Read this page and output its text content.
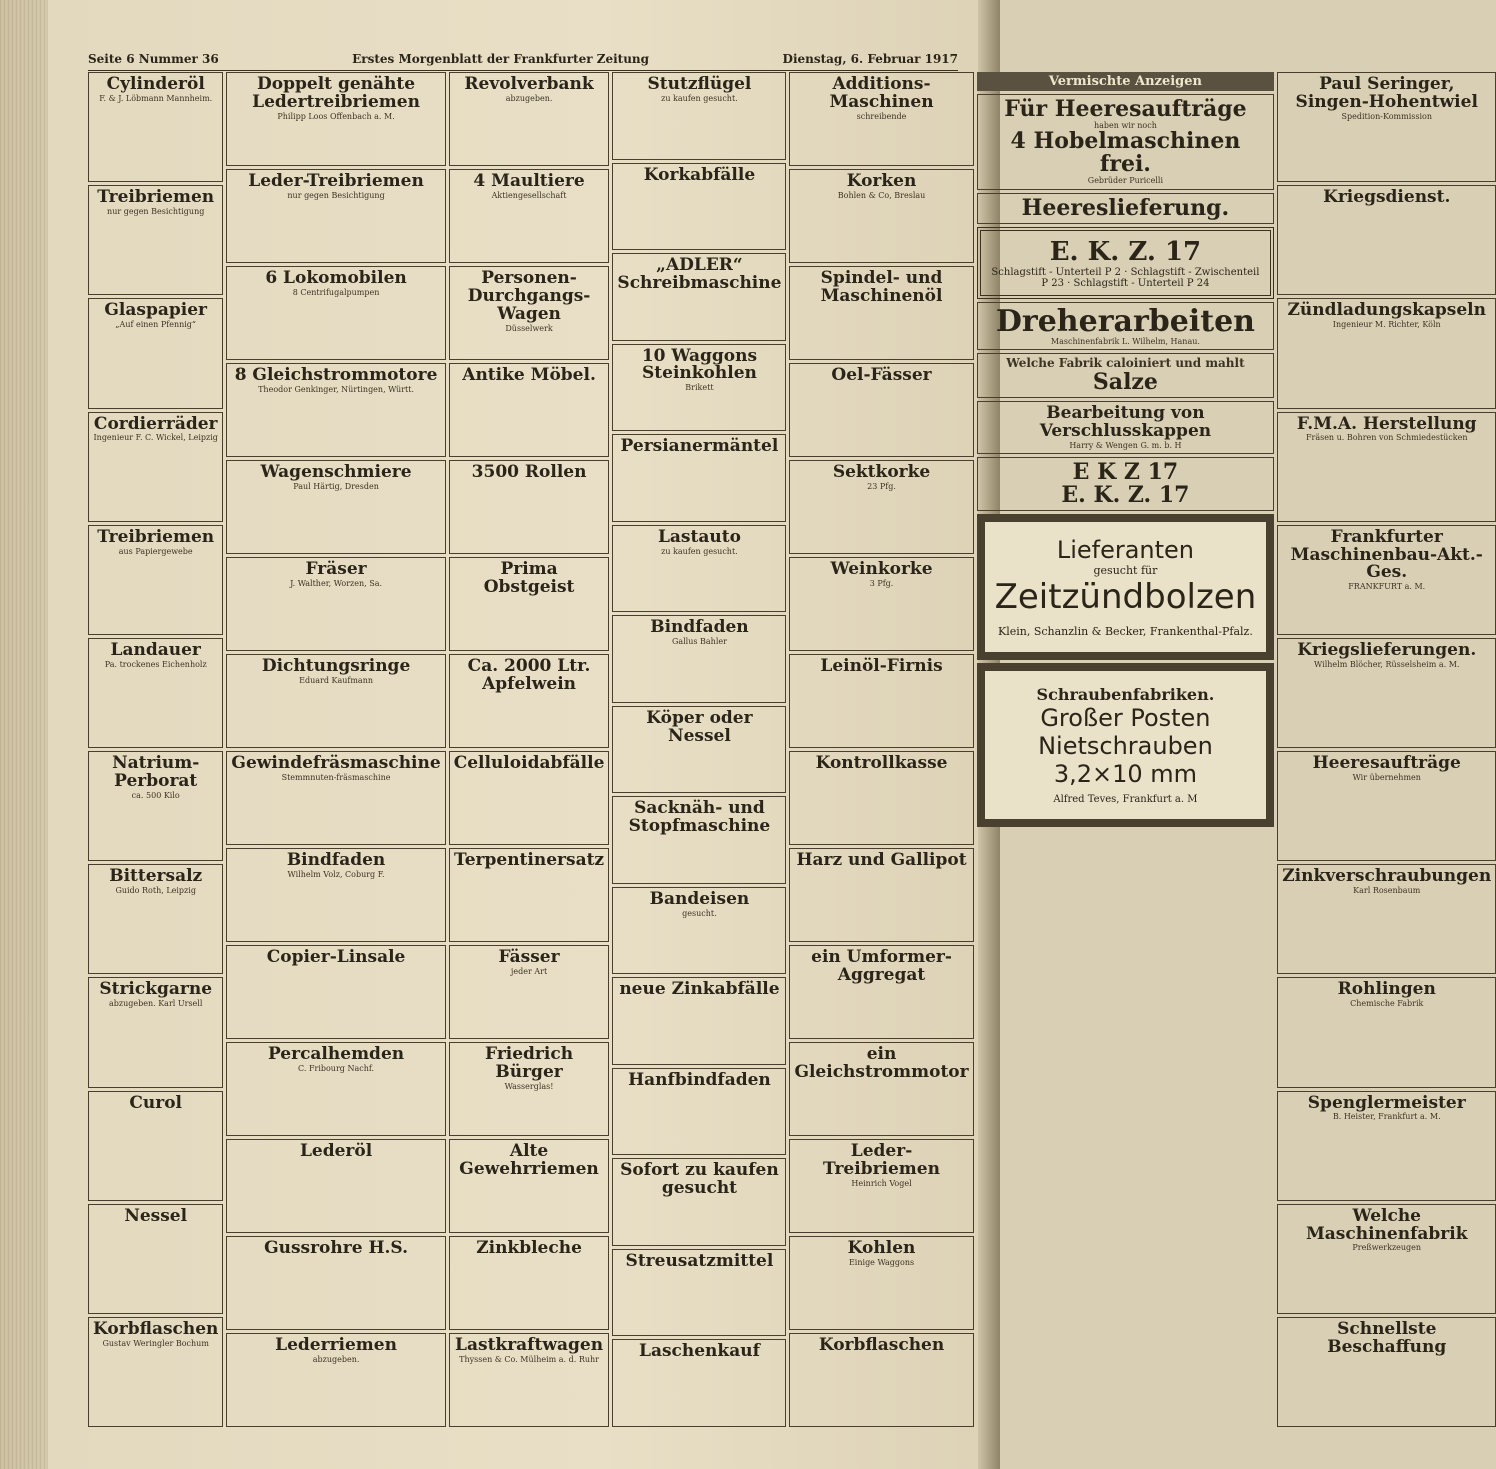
Seite 6 Nummer 36	Erstes Morgenblatt der Frankfurter Zeitung	Dienstag, 6. Februar 1917
Cylinderöl
F. & J. Löbmann Mannheim.
Treibriemen
nur gegen Besichtigung
Glaspapier
„Auf einen Pfennig“
Cordierräder
Ingenieur F. C. Wickel, Leipzig
Treibriemen
aus Papiergewebe
Landauer
Pa. trockenes Eichenholz
Natrium-Perborat
ca. 500 Kilo
Bittersalz
Guido Roth, Leipzig
Strickgarne
abzugeben. Karl Ursell
Curol
Nessel
Korbflaschen
Gustav Weringlеr Bochum
Doppelt genähte Ledertreibriemen
Philipp Loos Offenbach a. M.
Leder-Treibriemen
nur gegen Besichtigung
6 Lokomobilen
8 Centrifugalpumpen
8 Gleichstrommotore
Theodor Genkinger, Nürtingen, Württ.
Wagenschmiere
Paul Härtig, Dresden
Fräser
J. Walther, Worzen, Sa.
Dichtungsringe
Eduard Kaufmann
Gewindefräsmaschine
Stemmnuten-fräsmaschine
Bindfaden
Wilhelm Volz, Coburg F.
Copier-Linsale
Percalhemden
C. Fribourg Nachf.
Lederöl
Gussrohre H.S.
Lederriemen
abzugeben.
Revolverbank
abzugeben.
4 Maultiere
Aktiengesellschaft
Personen-Durchgangs-Wagen
Düsselwerk
Antike Möbel.
3500 Rollen
Prima Obstgeist
Ca. 2000 Ltr. Apfelwein
Celluloidabfälle
Terpentinersatz
Fässer
jeder Art
Friedrich Bürger
Wasserglas!
Alte Gewehrriemen
Zinkbleche
Lastkraftwagen
Thyssen & Co. Mülheim a. d. Ruhr
Stutzflügel
zu kaufen gesucht.
Korkabfälle
„ADLER“ Schreibmaschine
10 Waggons Steinkohlen
Brikett
Persianermäntel
Lastauto
zu kaufen gesucht.
Bindfaden
Gallus Bahler
Köper oder Nessel
Sacknäh- und Stopfmaschine
Bandeisen
gesucht.
neue Zinkabfälle
Hanfbindfaden
Sofort zu kaufen gesucht
Streusatzmittel
Laschenkauf
Additions-Maschinen
schreibende
Korken
Bohlen & Co, Breslau
Spindel- und Maschinenöl
Oel-Fässer
Sektkorke
23 Pfg.
Weinkorke
3 Pfg.
Leinöl-Firnis
Kontrollkasse
Harz und Gallipot
ein Umformer-Aggregat
ein Gleichstrommotor
Leder-Treibriemen
Heinrich Vogel
Kohlen
Einige Waggons
Korbflaschen
Vermischte Anzeigen
Für Heeresaufträge
haben wir noch
4 Hobelmaschinen frei.
Gebrüder Puricelli
Heereslieferung.
E. K. Z. 17
Schlagstift - Unterteil P 2 · Schlagstift - Zwischenteil P 23 · Schlagstift - Unterteil P 24
Dreherarbeiten
Maschinenfabrik L. Wilhelm, Hanau.
Welche Fabrik caloiniert und mahlt
Salze
Bearbeitung von Verschlusskappen
Harry & Wengen G. m. b. H
E K Z 17
E. K. Z. 17
Lieferanten
gesucht für
Zeitzündbolzen
Klein, Schanzlin & Becker, Frankenthal-Pfalz.
Schraubenfabriken.
Großer Posten
Nietschrauben 3,2×10 mm
Alfred Teves, Frankfurt a. M
Paul Seringer, Singen-Hohentwiel
Spedition-Kommission
Kriegsdienst.
Zündladungskapseln
Ingenieur M. Richter, Köln
F.M.A. Herstellung
Fräsen u. Bohren von Schmiedestücken
Frankfurter Maschinenbau-Akt.-Ges.
FRANKFURT a. M.
Kriegslieferungen.
Wilhelm Blöcher, Rüsselsheim a. M.
Heeresaufträge
Wir übernehmen
Zinkverschraubungen
Karl Rosenbaum
Rohlingen
Chemische Fabrik
Spenglermeister
B. Heister, Frankfurt a. M.
Welche Maschinenfabrik
Preßwerkzeugen
Schnellste Beschaffung
